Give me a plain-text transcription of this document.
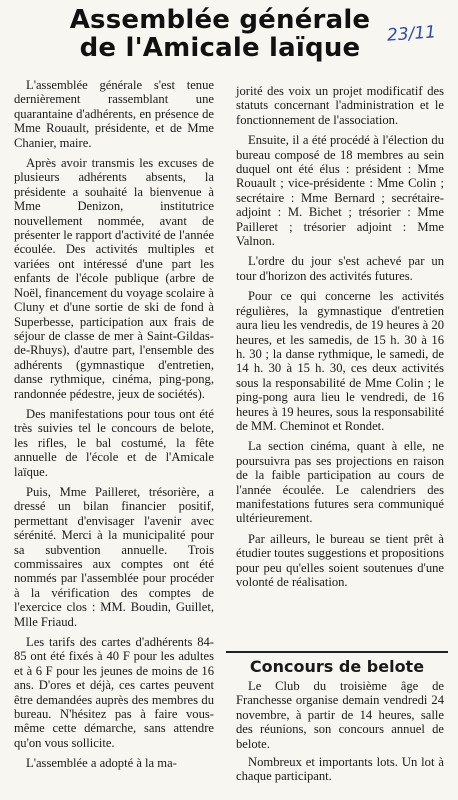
Assemblée générale
de l'Amicale laïque	23/11

L'assemblée générale s'est tenue dernièrement rassemblant une quarantaine d'adhérents, en présence de Mme Rouault, présidente, et de Mme Chanier, maire.

Après avoir transmis les excuses de plusieurs adhérents absents, la présidente a souhaité la bienvenue à Mme Denizon, institutrice nouvellement nommée, avant de présenter le rapport d'activité de l'année écoulée. Des activités multiples et variées ont intéressé d'une part les enfants de l'école publique (arbre de Noël, financement du voyage scolaire à Cluny et d'une sortie de ski de fond à Superbesse, participation aux frais de séjour de classe de mer à Saint-Gildas-de-Rhuys), d'autre part, l'ensemble des adhérents (gymnastique d'entretien, danse rythmique, cinéma, ping-pong, randonnée pédestre, jeux de sociétés).

Des manifestations pour tous ont été très suivies tel le concours de belote, les rifles, le bal costumé, la fête annuelle de l'école et de l'Amicale laïque.

Puis, Mme Pailleret, trésorière, a dressé un bilan financier positif, permettant d'envisager l'avenir avec sérénité. Merci à la municipalité pour sa subvention annuelle. Trois commissaires aux comptes ont été nommés par l'assemblée pour procéder à la vérification des comptes de l'exercice clos : MM. Boudin, Guillet, Mlle Friaud.

Les tarifs des cartes d'adhérents 84-85 ont été fixés à 40 F pour les adultes et à 6 F pour les jeunes de moins de 16 ans. D'ores et déjà, ces cartes peuvent être demandées auprès des membres du bureau. N'hésitez pas à faire vous-même cette démarche, sans attendre qu'on vous sollicite.

L'assemblée a adopté à la ma-

jorité des voix un projet modificatif des statuts concernant l'administration et le fonctionnement de l'association.

Ensuite, il a été procédé à l'élection du bureau composé de 18 membres au sein duquel ont été élus : président : Mme Rouault ; vice-présidente : Mme Colin ; secrétaire : Mme Bernard ; secrétaire-adjoint : M. Bichet ; trésorier : Mme Pailleret ; trésorier adjoint : Mme Valnon.

L'ordre du jour s'est achevé par un tour d'horizon des activités futures.

Pour ce qui concerne les activités régulières, la gymnastique d'entretien aura lieu les vendredis, de 19 heures à 20 heures, et les samedis, de 15 h. 30 à 16 h. 30 ; la danse rythmique, le samedi, de 14 h. 30 à 15 h. 30, ces deux activités sous la responsabilité de Mme Colin ; le ping-pong aura lieu le vendredi, de 16 heures à 19 heures, sous la responsabilité de MM. Cheminot et Rondet.

La section cinéma, quant à elle, ne poursuivra pas ses projections en raison de la faible participation au cours de l'année écoulée. Le calendriers des manifestations futures sera communiqué ultérieurement.

Par ailleurs, le bureau se tient prêt à étudier toutes suggestions et propositions pour peu qu'elles soient soutenues d'une volonté de réalisation.

Concours de belote

Le Club du troisième âge de Franchesse organise demain vendredi 24 novembre, à partir de 14 heures, salle des réunions, son concours annuel de belote.

Nombreux et importants lots. Un lot à chaque participant.
